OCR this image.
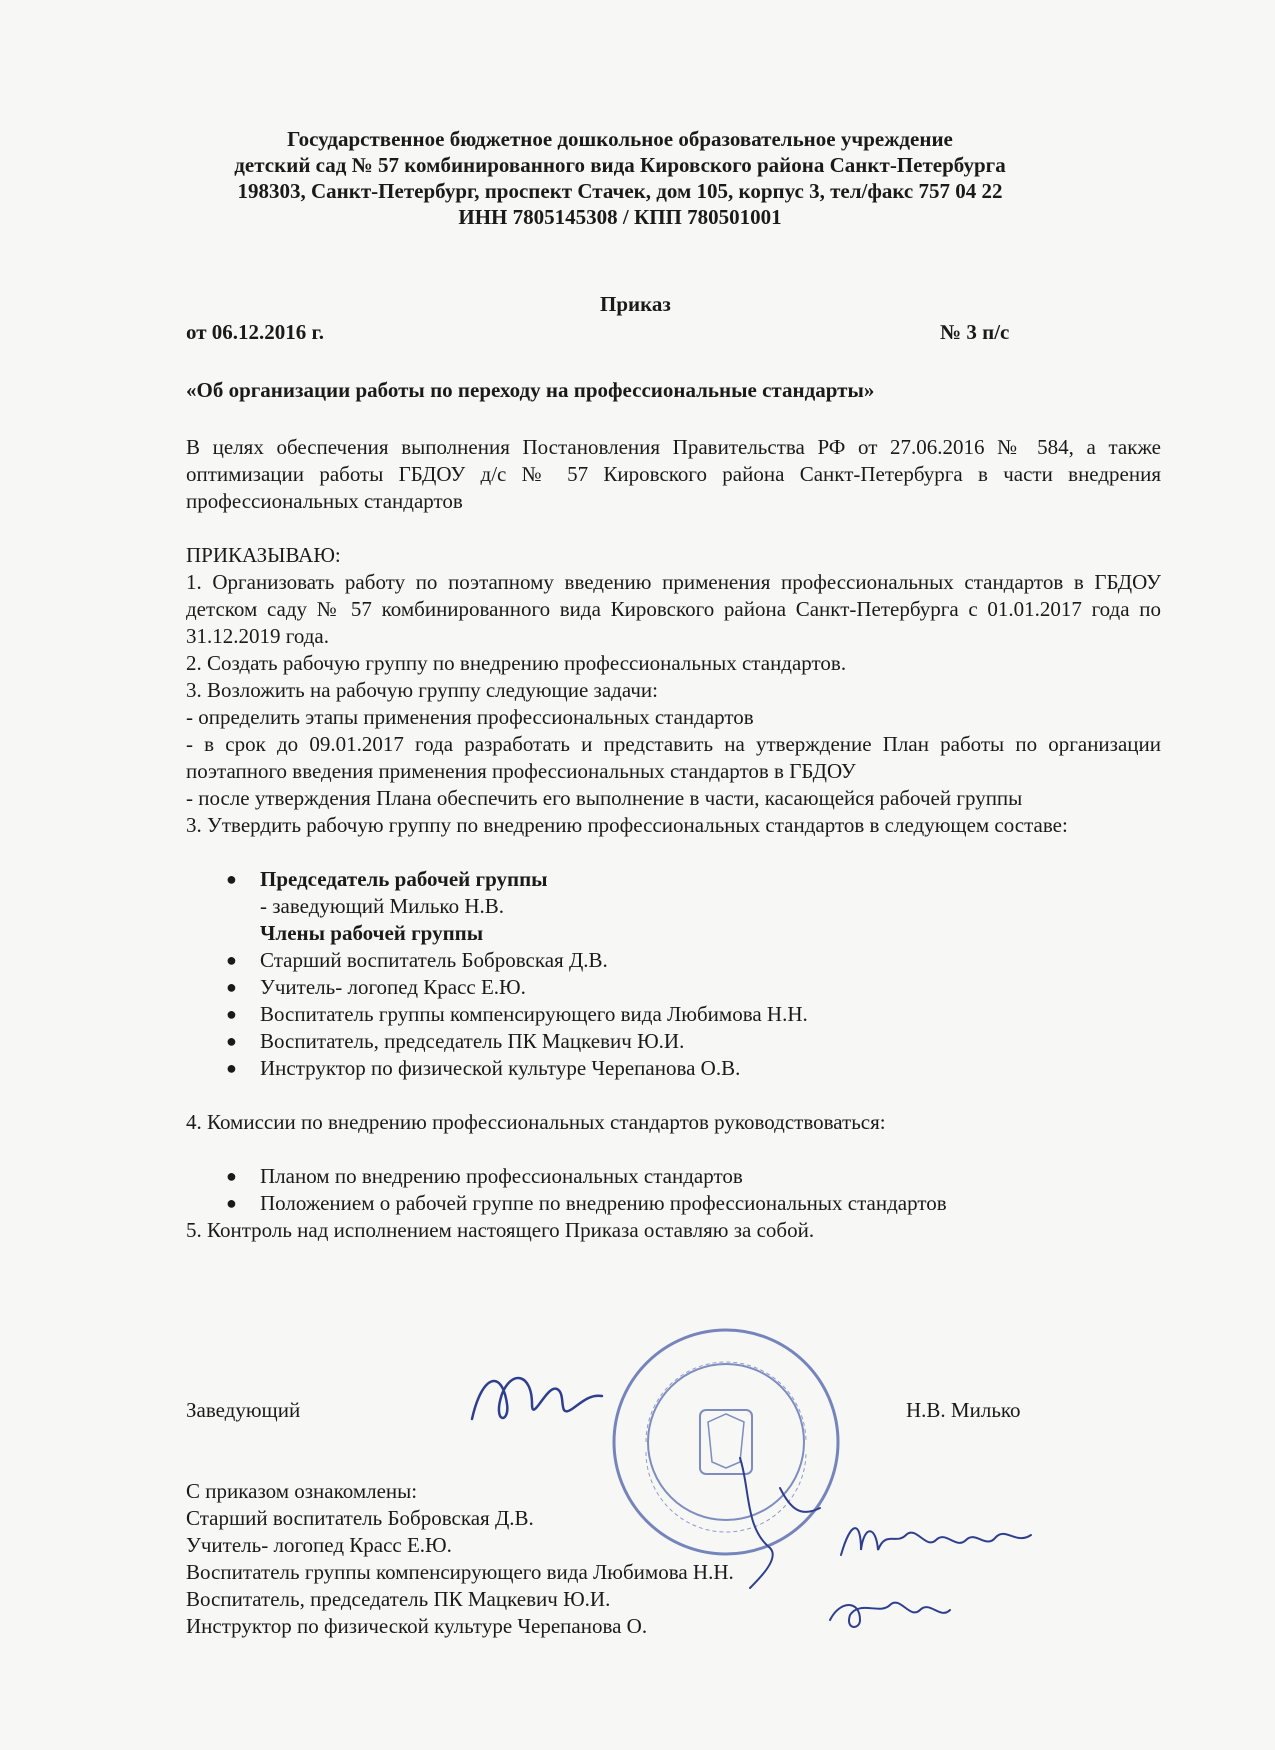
Государственное бюджетное дошкольное образовательное учреждение
детский сад № 57 комбинированного вида Кировского района Санкт-Петербурга
198303, Санкт-Петербург, проспект Стачек, дом 105, корпус 3, тел/факс 757 04 22
ИНН 7805145308 / КПП 780501001
Приказ
от 06.12.2016 г.	№ 3 п/с
«Об организации работы по переходу на профессиональные стандарты»

В целях обеспечения выполнения Постановления Правительства РФ от 27.06.2016 № 584, а также оптимизации работы ГБДОУ д/с № 57 Кировского района Санкт-Петербурга в части внедрения профессиональных стандартов

ПРИКАЗЫВАЮ:

1. Организовать работу по поэтапному введению применения профессиональных стандартов в ГБДОУ детском саду № 57 комбинированного вида Кировского района Санкт-Петербурга с 01.01.2017 года по 31.12.2019 года.

2. Создать рабочую группу по внедрению профессиональных стандартов.

3. Возложить на рабочую группу следующие задачи:

- определить этапы применения профессиональных стандартов

- в срок до 09.01.2017 года разработать и представить на утверждение План работы по организации поэтапного введения применения профессиональных стандартов в ГБДОУ

- после утверждения Плана обеспечить его выполнение в части, касающейся рабочей группы

3. Утвердить рабочую группу по внедрению профессиональных стандартов в следующем составе:

● Председатель рабочей группы
- заведующий Милько Н.В.
Члены рабочей группы
● Старший воспитатель Бобровская Д.В.
● Учитель- логопед Красс Е.Ю.
● Воспитатель группы компенсирующего вида Любимова Н.Н.
● Воспитатель, председатель ПК Мацкевич Ю.И.
● Инструктор по физической культуре Черепанова О.В.

4. Комиссии по внедрению профессиональных стандартов руководствоваться:

● Планом по внедрению профессиональных стандартов
● Положением о рабочей группе по внедрению профессиональных стандартов

5. Контроль над исполнением настоящего Приказа оставляю за собой.

Заведующий	Н.В. Милько
С приказом ознакомлены:
Старший воспитатель Бобровская Д.В.
Учитель- логопед Красс Е.Ю.
Воспитатель группы компенсирующего вида Любимова Н.Н.
Воспитатель, председатель ПК Мацкевич Ю.И.
Инструктор по физической культуре Черепанова О.
